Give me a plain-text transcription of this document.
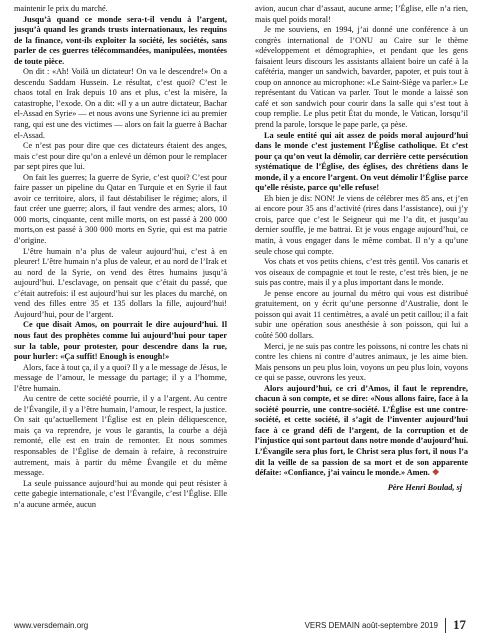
maintenir le prix du marché.

Jusqu’à quand ce monde sera-t-il vendu à l’argent, jusqu’à quand les grands trusts internationaux, les requins de la finance, vont-ils exploiter la société, les sociétés, sans parler de ces guerres télécommandées, manipulées, montées de toute pièce.

On dit : «Ah! Voilà un dictateur! On va le descendre!» On a descendu Saddam Hussein. Le résultat, c’est quoi? C’est le chaos total en Irak depuis 10 ans et plus, c’est la misère, la catastrophe, l’exode. On a dit: «Il y a un autre dictateur, Bachar el-Assad en Syrie» — et nous avons une Syrienne ici au premier rang, qui est une des victimes — alors on fait la guerre à Bachar el-Assad.

Ce n’est pas pour dire que ces dictateurs étaient des anges, mais c’est pour dire qu’on a enlevé un démon pour le remplacer par sept pires que lui.

On fait les guerres; la guerre de Syrie, c’est quoi? C’est pour faire passer un pipeline du Qatar en Turquie et en Syrie il faut avoir ce territoire, alors, il faut déstabiliser le régime; alors, il faut créer une guerre; alors, il faut vendre des armes; alors, 10 000 morts, cinquante, cent mille morts, on est passé à 200 000 morts,on est passé à 300 000 morts en Syrie, qui est ma patrie d’origine.

L’être humain n’a plus de valeur aujourd’hui, c’est à en pleurer! L’être humain n’a plus de valeur, et au nord de l’Irak et au nord de la Syrie, on vend des êtres humains jusqu’à aujourd’hui. L’esclavage, on pensait que c’était du passé, que c’était autrefois: il est aujourd’hui sur les places du marché, on vend des filles entre 35 et 135 dollars la fille, aujourd’hui! Aujourd’hui, pour de l’argent.

Ce que disait Amos, on pourrait le dire aujourd’hui. Il nous faut des prophètes comme lui aujourd’hui pour taper sur la table, pour protester, pour descendre dans la rue, pour hurler: «Ça suffit! Enough is enough!»

Alors, face à tout ça, il y a quoi? Il y a le message de Jésus, le message de l’amour, le message du partage; il y a l’homme, l’être humain.

Au centre de cette société pourrie, il y a l’argent. Au centre de l’Évangile, il y a l’être humain, l’amour, le respect, la justice. On sait qu’actuellement l’Église est en plein déliquescence, mais ça va reprendre, je vous le garantis, la courbe a déjà remonté, elle est en train de remonter. Et nous sommes responsables de l’Église de demain à refaire, à reconstruire autrement, mais à partir du même Évangile et du même message.

La seule puissance aujourd’hui au monde qui peut résister à cette gabegie internationale, c’est l’Évangile, c’est l’Église. Elle n’a aucune armée, aucun

avion, aucun char d’assaut, aucune arme; l’Église, elle n’a rien, mais quel poids moral!

Je me souviens, en 1994, j’ai donné une conférence à un congrès international de l’ONU au Caire sur le thème «développement et démographie», et pendant que les gens faisaient leurs discours les assistants allaient boire un café à la cafétéria, manger un sandwich, bavarder, papoter, et puis tout à coup on annonce au microphone: «Le Saint-Siège va parler.» Le représentant du Vatican va parler. Tout le monde a laissé son café et son sandwich pour courir dans la salle qui s’est tout à coup remplie. Le plus petit État du monde, le Vatican, lorsqu’il prend la parole, lorsque le pape parle, ça pèse.

La seule entité qui ait assez de poids moral aujourd’hui dans le monde c’est justement l’Église catholique. Et c’est pour ça qu’on veut la démolir, car derrière cette persécution systématique de l’Église, des églises, des chrétiens dans le monde, il y a encore l’argent. On veut démolir l’Église parce qu’elle résiste, parce qu’elle refuse!

Eh bien je dis: NON! Je viens de célébrer mes 85 ans, et j’en ai encore pour 35 ans d’activité (rires dans l’assistance), oui j’y crois, parce que c’est le Seigneur qui me l’a dit, et jusqu’au dernier souffle, je me battrai. Et je vous engage aujourd’hui, ce matin, à vous engager dans le même combat. Il n’y a qu’une seule chose qui compte.

Vos chats et vos petits chiens, c’est très gentil. Vos canaris et vos oiseaux de compagnie et tout le reste, c’est très bien, je ne suis pas contre, mais il y a plus important dans le monde.

Je pense encore au journal du métro qui vous est distribué gratuitement, on y écrit qu’une personne d’Australie, dont le poisson qui avait 11 centimètres, a avalé un petit caillou; il a fait subir une opération sous anesthésie à son poisson, qui lui a coûté 500 dollars.

Merci, je ne suis pas contre les poissons, ni contre les chats ni contre les chiens ni contre d’autres animaux, je les aime bien. Mais pensons un peu plus loin, voyons un peu plus loin, voyons ce qui se passe, ouvrons les yeux.

Alors aujourd’hui, ce cri d’Amos, il faut le reprendre, chacun à son compte, et se dire: «Nous allons faire, face à la société pourrie, une contre-société. L’Église est une contre-société, et cette société, il s’agit de l’inventer aujourd’hui face à ce grand défi de l’argent, de la corruption et de l’injustice qui sont partout dans notre monde d’aujourd’hui. L’Évangile sera plus fort, le Christ sera plus fort, il nous l’a dit la veille de sa passion de sa mort et de son apparente défaite: «Confiance, j’ai vaincu le monde.» Amen. ❖

Père Henri Boulad, sj

www.versdemain.org	VERS DEMAIN août-septembre 2019 17
